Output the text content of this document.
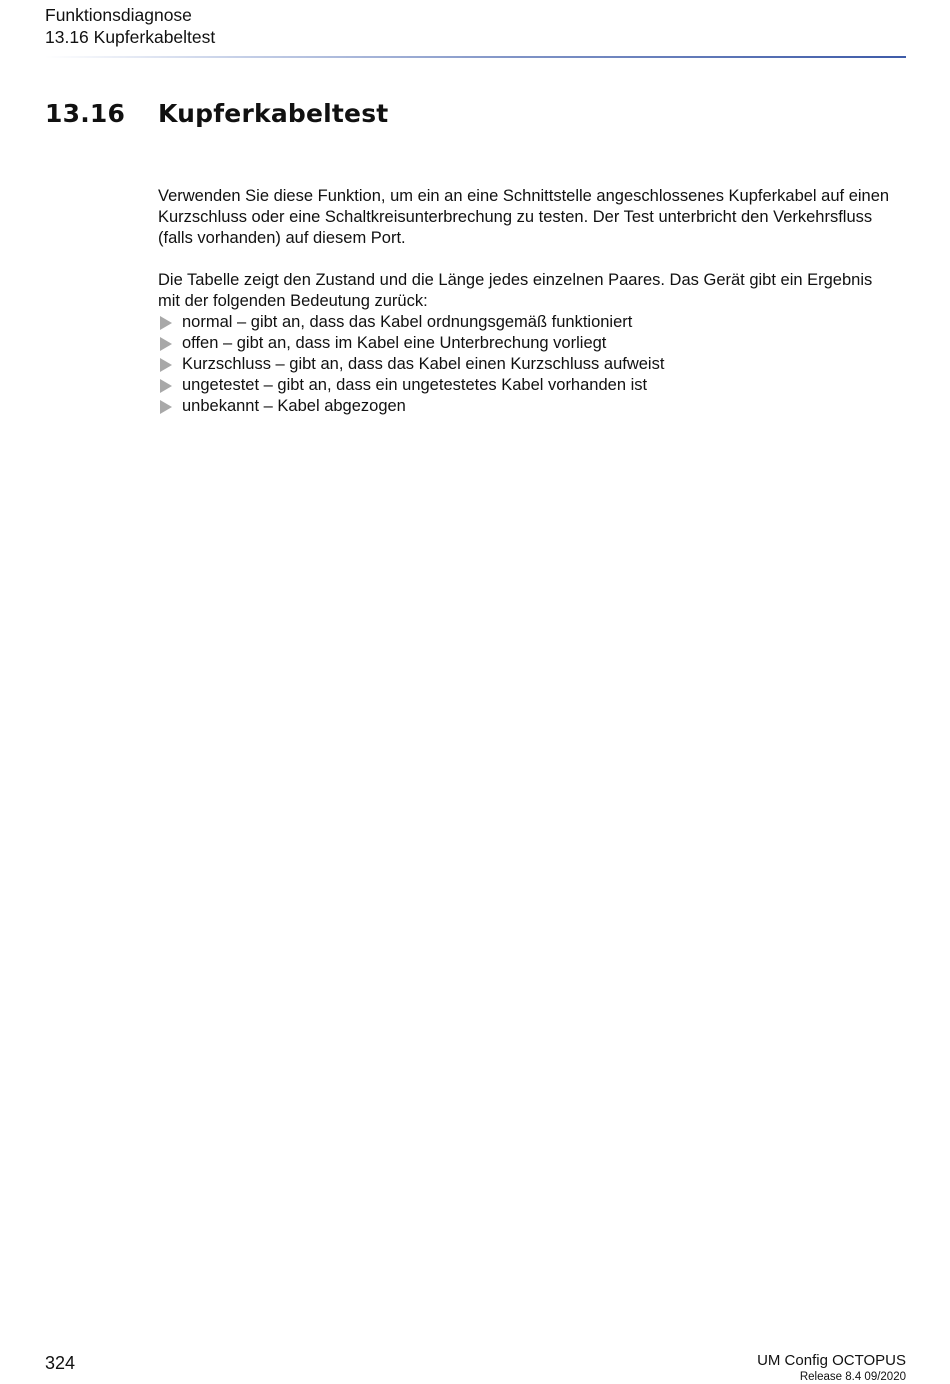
Funktionsdiagnose
13.16 Kupferkabeltest
13.16 Kupferkabeltest

Verwenden Sie diese Funktion, um ein an eine Schnittstelle angeschlossenes Kupferkabel auf einen Kurzschluss oder eine Schaltkreisunterbrechung zu testen. Der Test unterbricht den Verkehrsfluss (falls vorhanden) auf diesem Port.

Die Tabelle zeigt den Zustand und die Länge jedes einzelnen Paares. Das Gerät gibt ein Ergebnis mit der folgenden Bedeutung zurück:

normal – gibt an, dass das Kabel ordnungsgemäß funktioniert
offen – gibt an, dass im Kabel eine Unterbrechung vorliegt
Kurzschluss – gibt an, dass das Kabel einen Kurzschluss aufweist
ungetestet – gibt an, dass ein ungetestetes Kabel vorhanden ist
unbekannt – Kabel abgezogen
324	UM Config OCTOPUS
Release 8.4 09/2020
